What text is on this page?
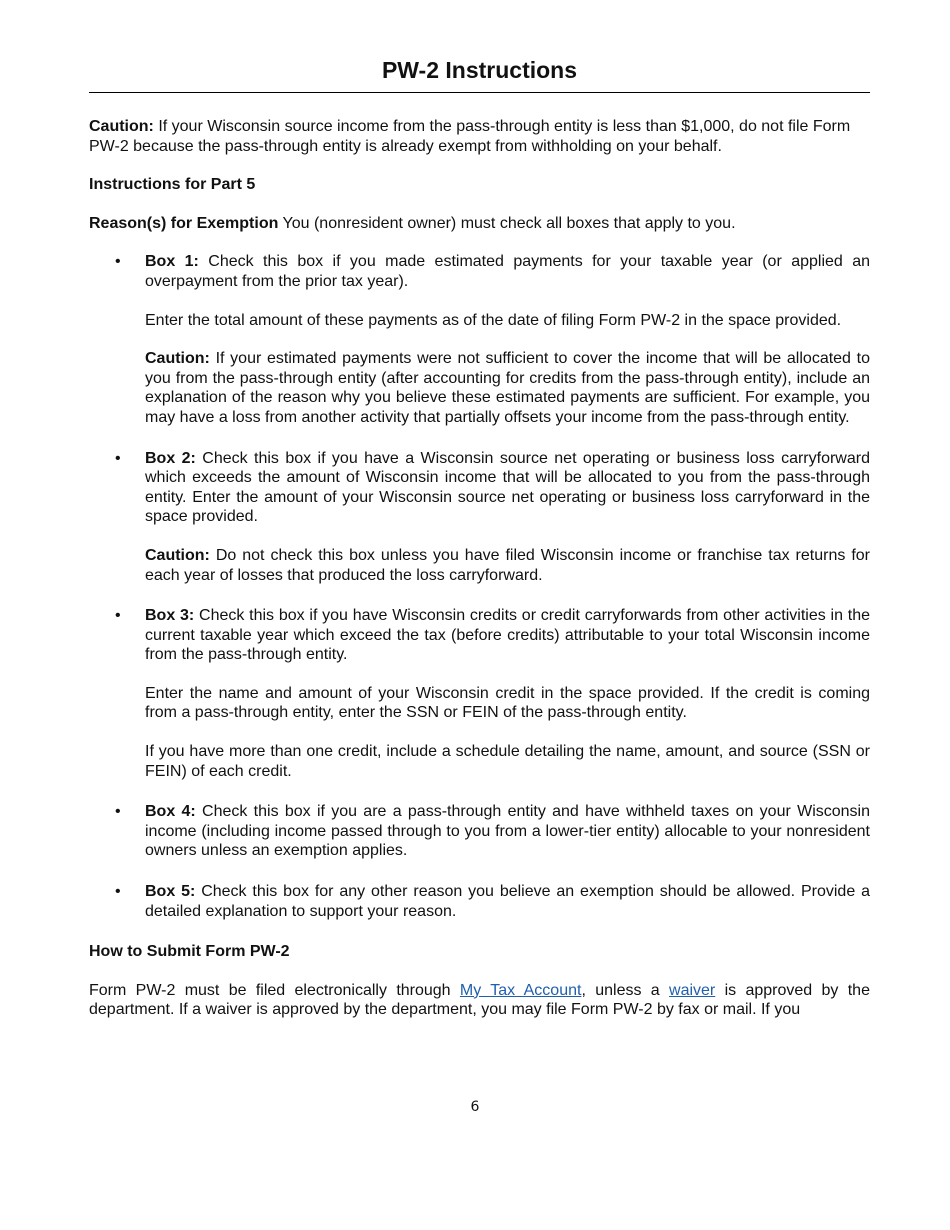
PW-2 Instructions

Caution: If your Wisconsin source income from the pass-through entity is less than $1,000, do not file Form PW-2 because the pass-through entity is already exempt from withholding on your behalf.

Instructions for Part 5

Reason(s) for Exemption You (nonresident owner) must check all boxes that apply to you.

• Box 1: Check this box if you made estimated payments for your taxable year (or applied an overpayment from the prior tax year).

Enter the total amount of these payments as of the date of filing Form PW-2 in the space provided.

Caution: If your estimated payments were not sufficient to cover the income that will be allocated to you from the pass-through entity (after accounting for credits from the pass-through entity), include an explanation of the reason why you believe these estimated payments are sufficient. For example, you may have a loss from another activity that partially offsets your income from the pass-through entity.

• Box 2: Check this box if you have a Wisconsin source net operating or business loss carryforward which exceeds the amount of Wisconsin income that will be allocated to you from the pass-through entity. Enter the amount of your Wisconsin source net operating or business loss carryforward in the space provided.

Caution: Do not check this box unless you have filed Wisconsin income or franchise tax returns for each year of losses that produced the loss carryforward.

• Box 3: Check this box if you have Wisconsin credits or credit carryforwards from other activities in the current taxable year which exceed the tax (before credits) attributable to your total Wisconsin income from the pass-through entity.

Enter the name and amount of your Wisconsin credit in the space provided. If the credit is coming from a pass-through entity, enter the SSN or FEIN of the pass-through entity.

If you have more than one credit, include a schedule detailing the name, amount, and source (SSN or FEIN) of each credit.

• Box 4: Check this box if you are a pass-through entity and have withheld taxes on your Wisconsin income (including income passed through to you from a lower-tier entity) allocable to your nonresident owners unless an exemption applies.

• Box 5: Check this box for any other reason you believe an exemption should be allowed. Provide a detailed explanation to support your reason.

How to Submit Form PW-2

Form PW-2 must be filed electronically through My Tax Account, unless a waiver is approved by the department. If a waiver is approved by the department, you may file Form PW-2 by fax or mail. If you

6
